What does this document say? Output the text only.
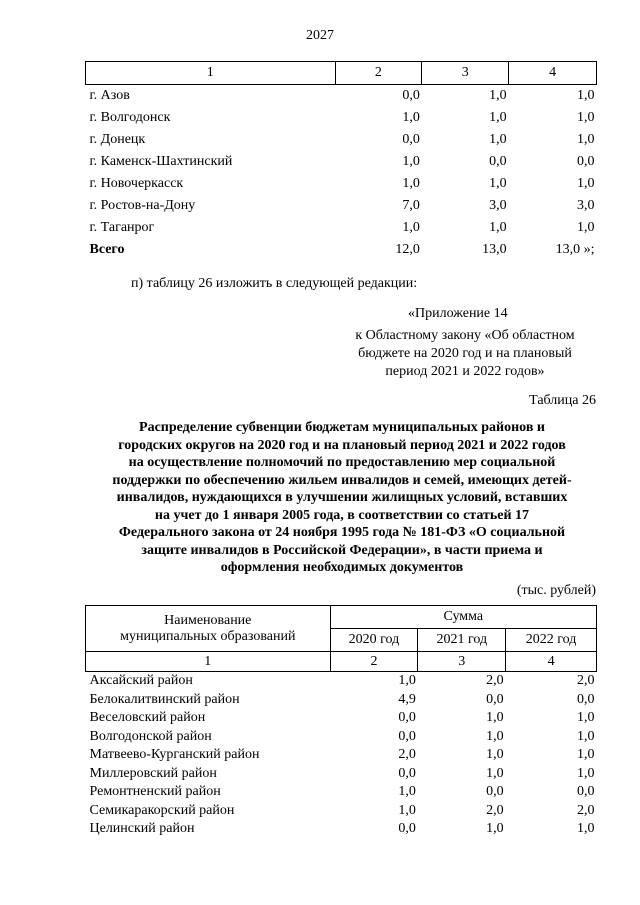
2027
1	2	3	4
г. Азов	0,0	1,0	1,0
г. Волгодонск	1,0	1,0	1,0
г. Донецк	0,0	1,0	1,0
г. Каменск-Шахтинский	1,0	0,0	0,0
г. Новочеркасск	1,0	1,0	1,0
г. Ростов-на-Дону	7,0	3,0	3,0
г. Таганрог	1,0	1,0	1,0
Всего	12,0	13,0	13,0 »;
п) таблицу 26 изложить в следующей редакции:
«Приложение 14
к Областному закону «Об областном
бюджете на 2020 год и на плановый
период 2021 и 2022 годов»
Таблица 26
Распределение субвенции бюджетам муниципальных районов и
городских округов на 2020 год и на плановый период 2021 и 2022 годов
на осуществление полномочий по предоставлению мер социальной
поддержки по обеспечению жильем инвалидов и семей, имеющих детей-
инвалидов, нуждающихся в улучшении жилищных условий, вставших
на учет до 1 января 2005 года, в соответствии со статьей 17
Федерального закона от 24 ноября 1995 года № 181-ФЗ «О социальной
защите инвалидов в Российской Федерации», в части приема и
оформления необходимых документов
(тыс. рублей)
Наименование
муниципальных образований	Сумма		
	2020 год	2021 год	2022 год
1	2	3	4
Аксайский район	1,0	2,0	2,0
Белокалитвинский район	4,9	0,0	0,0
Веселовский район	0,0	1,0	1,0
Волгодонской район	0,0	1,0	1,0
Матвеево-Курганский район	2,0	1,0	1,0
Миллеровский район	0,0	1,0	1,0
Ремонтненский район	1,0	0,0	0,0
Семикаракорский район	1,0	2,0	2,0
Целинский район	0,0	1,0	1,0
